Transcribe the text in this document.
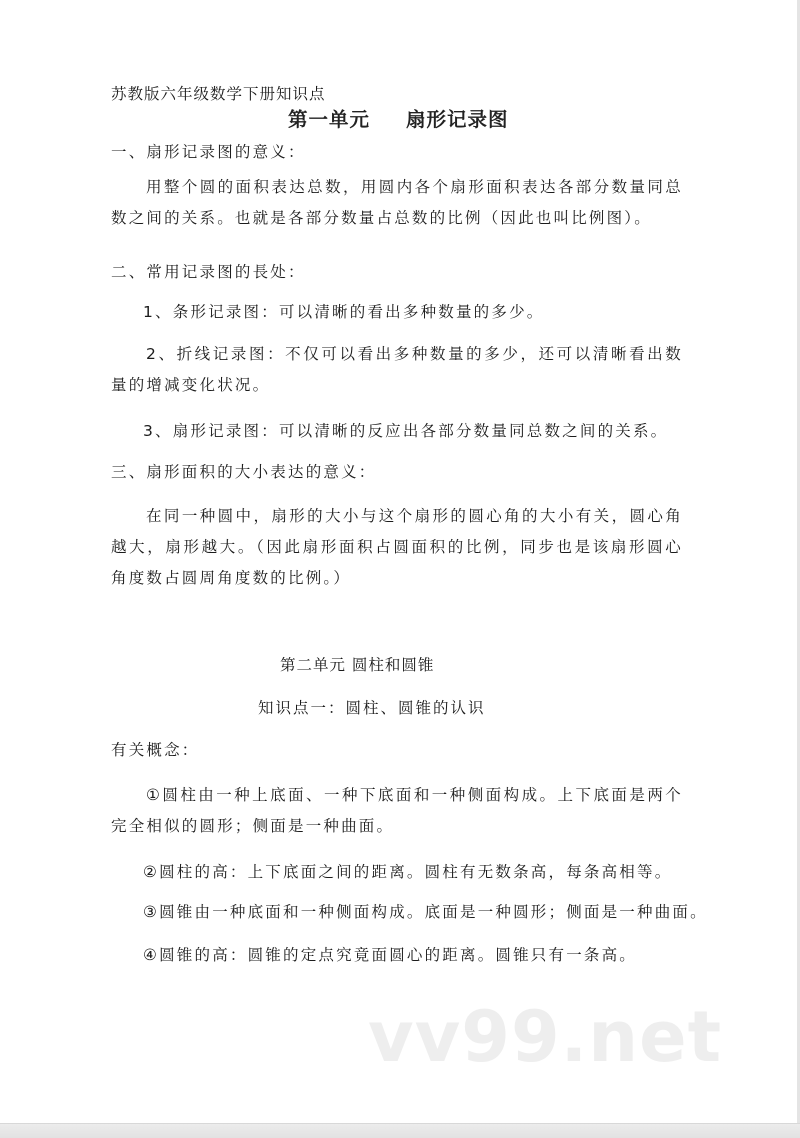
苏教版六年级数学下册知识点
第一单元 扇形记录图
一、扇形记录图的意义：
用整个圆的面积表达总数，用圆内各个扇形面积表达各部分数量同总数之间的关系。也就是各部分数量占总数的比例（因此也叫比例图）。
二、常用记录图的長处：
1、条形记录图：可以清晰的看出多种数量的多少。
2、折线记录图：不仅可以看出多种数量的多少，还可以清晰看出数量的增减变化状况。
3、扇形记录图：可以清晰的反应出各部分数量同总数之间的关系。
三、扇形面积的大小表达的意义：
在同一种圆中，扇形的大小与这个扇形的圆心角的大小有关，圆心角越大，扇形越大。（因此扇形面积占圆面积的比例，同步也是该扇形圆心角度数占圆周角度数的比例。）
第二单元 圆柱和圆锥
知识点一：圆柱、圆锥的认识
有关概念：
①圆柱由一种上底面、一种下底面和一种侧面构成。上下底面是两个完全相似的圆形；侧面是一种曲面。
②圆柱的高：上下底面之间的距离。圆柱有无数条高，每条高相等。
③圆锥由一种底面和一种侧面构成。底面是一种圆形；侧面是一种曲面。
④圆锥的高：圆锥的定点究竟面圆心的距离。圆锥只有一条高。
vv99.net
